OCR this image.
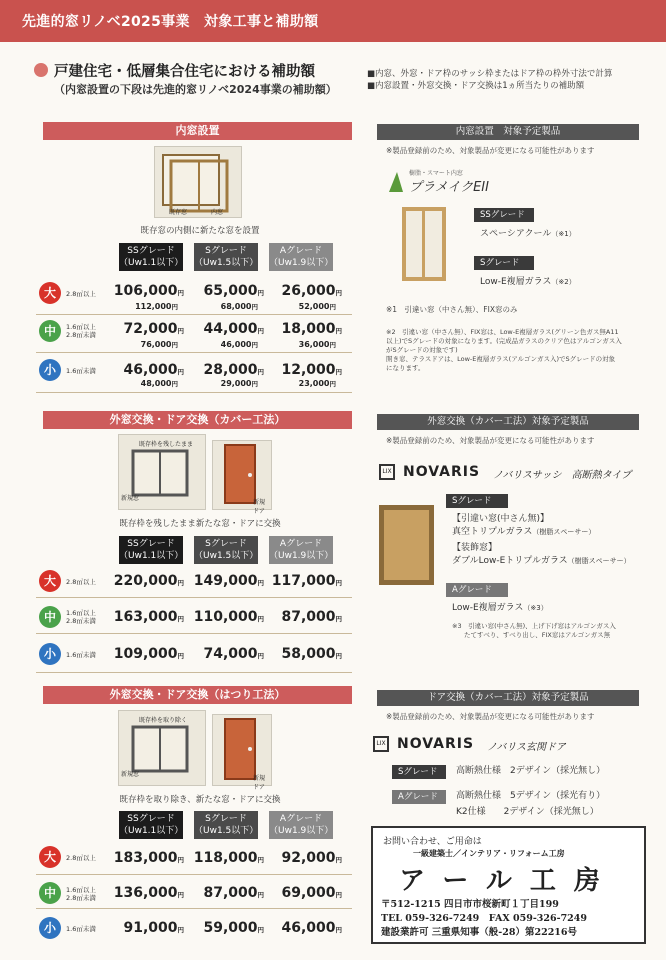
先進的窓リノベ2025事業　対象工事と補助額
戸建住宅・低層集合住宅における補助額
（内窓設置の下段は先進的窓リノベ2024事業の補助額）
■内窓、外窓・ドア枠のサッシ枠またはドア枠の枠外寸法で計算
■内窓設置・外窓交換・ドア交換は1ヵ所当たりの補助額
内窓設置
既存窓	内窓
既存窓の内側に新たな窓を設置
SSグレード
（Uw1.1以下）
Sグレード
（Uw1.5以下）
Aグレード
（Uw1.9以下）
大	2.8㎡以上	106,000円	65,000円	26,000円
112,000円	68,000円	52,000円
中	1.6㎡以上
2.8㎡未満	72,000円	44,000円	18,000円
76,000円	46,000円	36,000円
小	1.6㎡未満	46,000円	28,000円	12,000円
48,000円	29,000円	23,000円
外窓交換・ドア交換（カバー工法）
既存枠を残したまま
新規窓
新規ドア
既存枠を残したまま新たな窓・ドアに交換
SSグレード
（Uw1.1以下）
Sグレード
（Uw1.5以下）
Aグレード
（Uw1.9以下）
大	2.8㎡以上	220,000円 149,000円 117,000円
中	1.6㎡以上
2.8㎡未満	163,000円 110,000円	87,000円
小	1.6㎡未満	109,000円	74,000円	58,000円
外窓交換・ドア交換（はつり工法）
既存枠を取り除く
新規窓
新規ドア
既存枠を取り除き、新たな窓・ドアに交換
SSグレード
（Uw1.1以下）
Sグレード
（Uw1.5以下）
Aグレード
（Uw1.9以下）
大	2.8㎡以上	183,000円 118,000円	92,000円
中	1.6㎡以上
2.8㎡未満	136,000円	87,000円	69,000円
小	1.6㎡未満	91,000円	59,000円	46,000円
内窓設置　対象予定製品
※製品登録前のため、対象製品が変更になる可能性があります
樹脂・スマート内窓
プラメイクEII
SSグレード
スペーシアクール（※1）
Sグレード
Low-E複層ガラス（※2）
※1　引違い窓（中さん無）、FIX窓のみ
※2　引違い窓（中さん無）、FIX窓は、Low-E複層ガラス(グリーン色ガス無A11
以上)でSグレードの対象になります。(完成品ガラスのクリア色はアルゴンガス入
がSグレードの対象です)
開き窓、テラスドアは、Low-E複層ガラス(アルゴンガス入)でSグレードの対象
になります。
外窓交換（カバー工法）対象予定製品
※製品登録前のため、対象製品が変更になる可能性があります
LIX NOVARIS ノバリスサッシ　高断熱タイプ
Sグレード
【引違い窓(中さん無)】
真空トリプルガラス（樹脂スペーサー）
【装飾窓】
ダブルLow-Eトリプルガラス（樹脂スペーサー）
Aグレード
Low-E複層ガラス（※3）
※3　引違い窓(中さん無)、上げ下げ窓はアルゴンガス入
たてすべり、すべり出し、FIX窓はアルゴンガス無
ドア交換（カバー工法）対象予定製品
※製品登録前のため、対象製品が変更になる可能性があります
LIX NOVARIS ノバリス玄関ドア
Sグレード	高断熱仕様　2デザイン（採光無し）
Aグレード	高断熱仕様　5デザイン（採光有り）
K2仕様　　2デザイン（採光無し）
お問い合わせ、ご用命は
一級建築士／インテリア・リフォーム工房
アール工房
〒512-1215 四日市市桜新町１丁目199
TEL 059-326-7249　FAX 059-326-7249
建設業許可 三重県知事（般-28）第22216号
